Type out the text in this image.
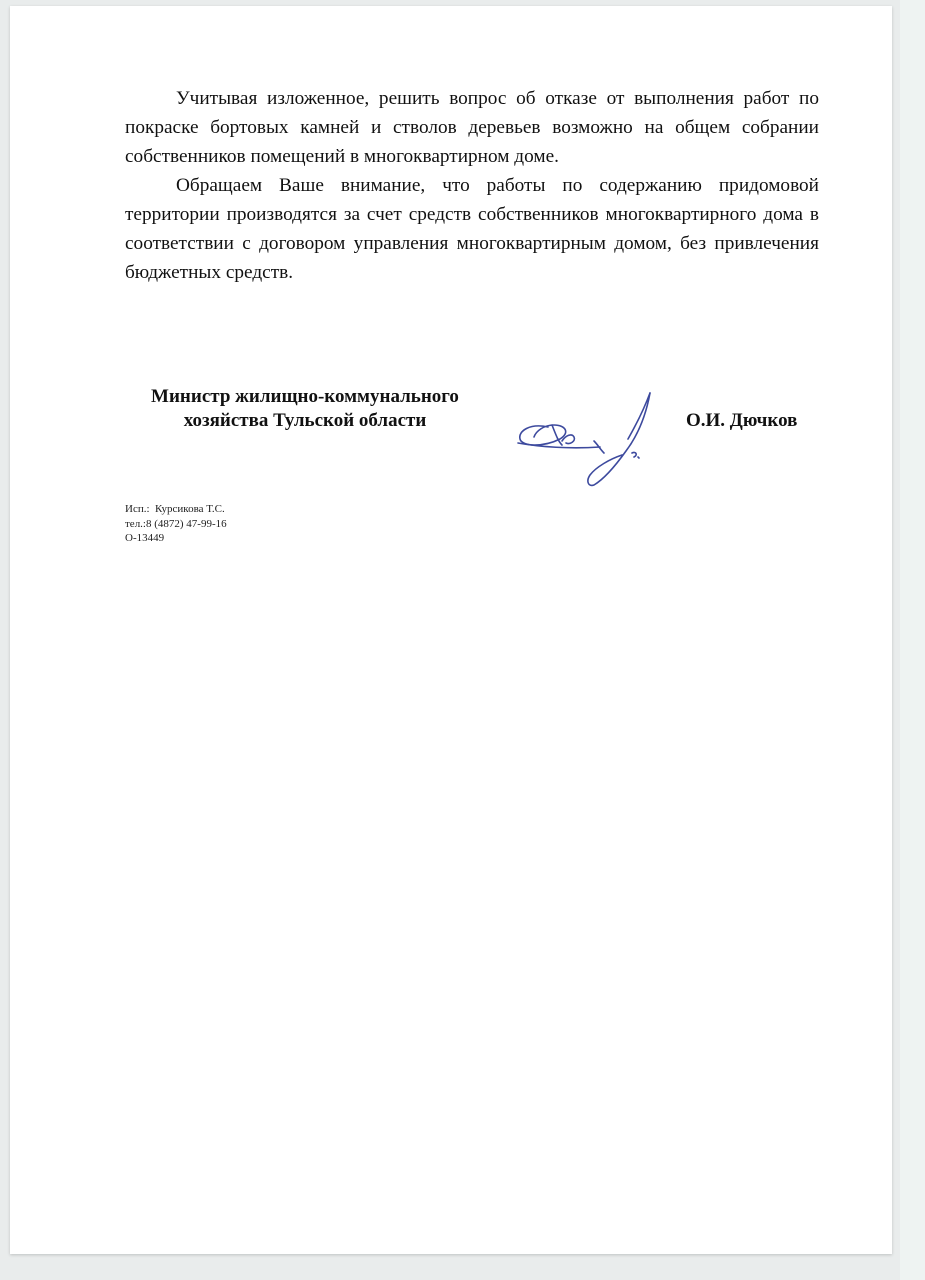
Учитывая изложенное, решить вопрос об отказе от выполнения работ по покраске бортовых камней и стволов деревьев возможно на общем собрании собственников помещений в многоквартирном доме.

Обращаем Ваше внимание, что работы по содержанию придомовой территории производятся за счет средств собственников многоквартирного дома в соответствии с договором управления многоквартирным домом, без привлечения бюджетных средств.

Министр жилищно-коммунального
хозяйства Тульской области	О.И. Дючков
Исп.:  Курсикова Т.С.
тел.:8 (4872) 47-99-16
О-13449
